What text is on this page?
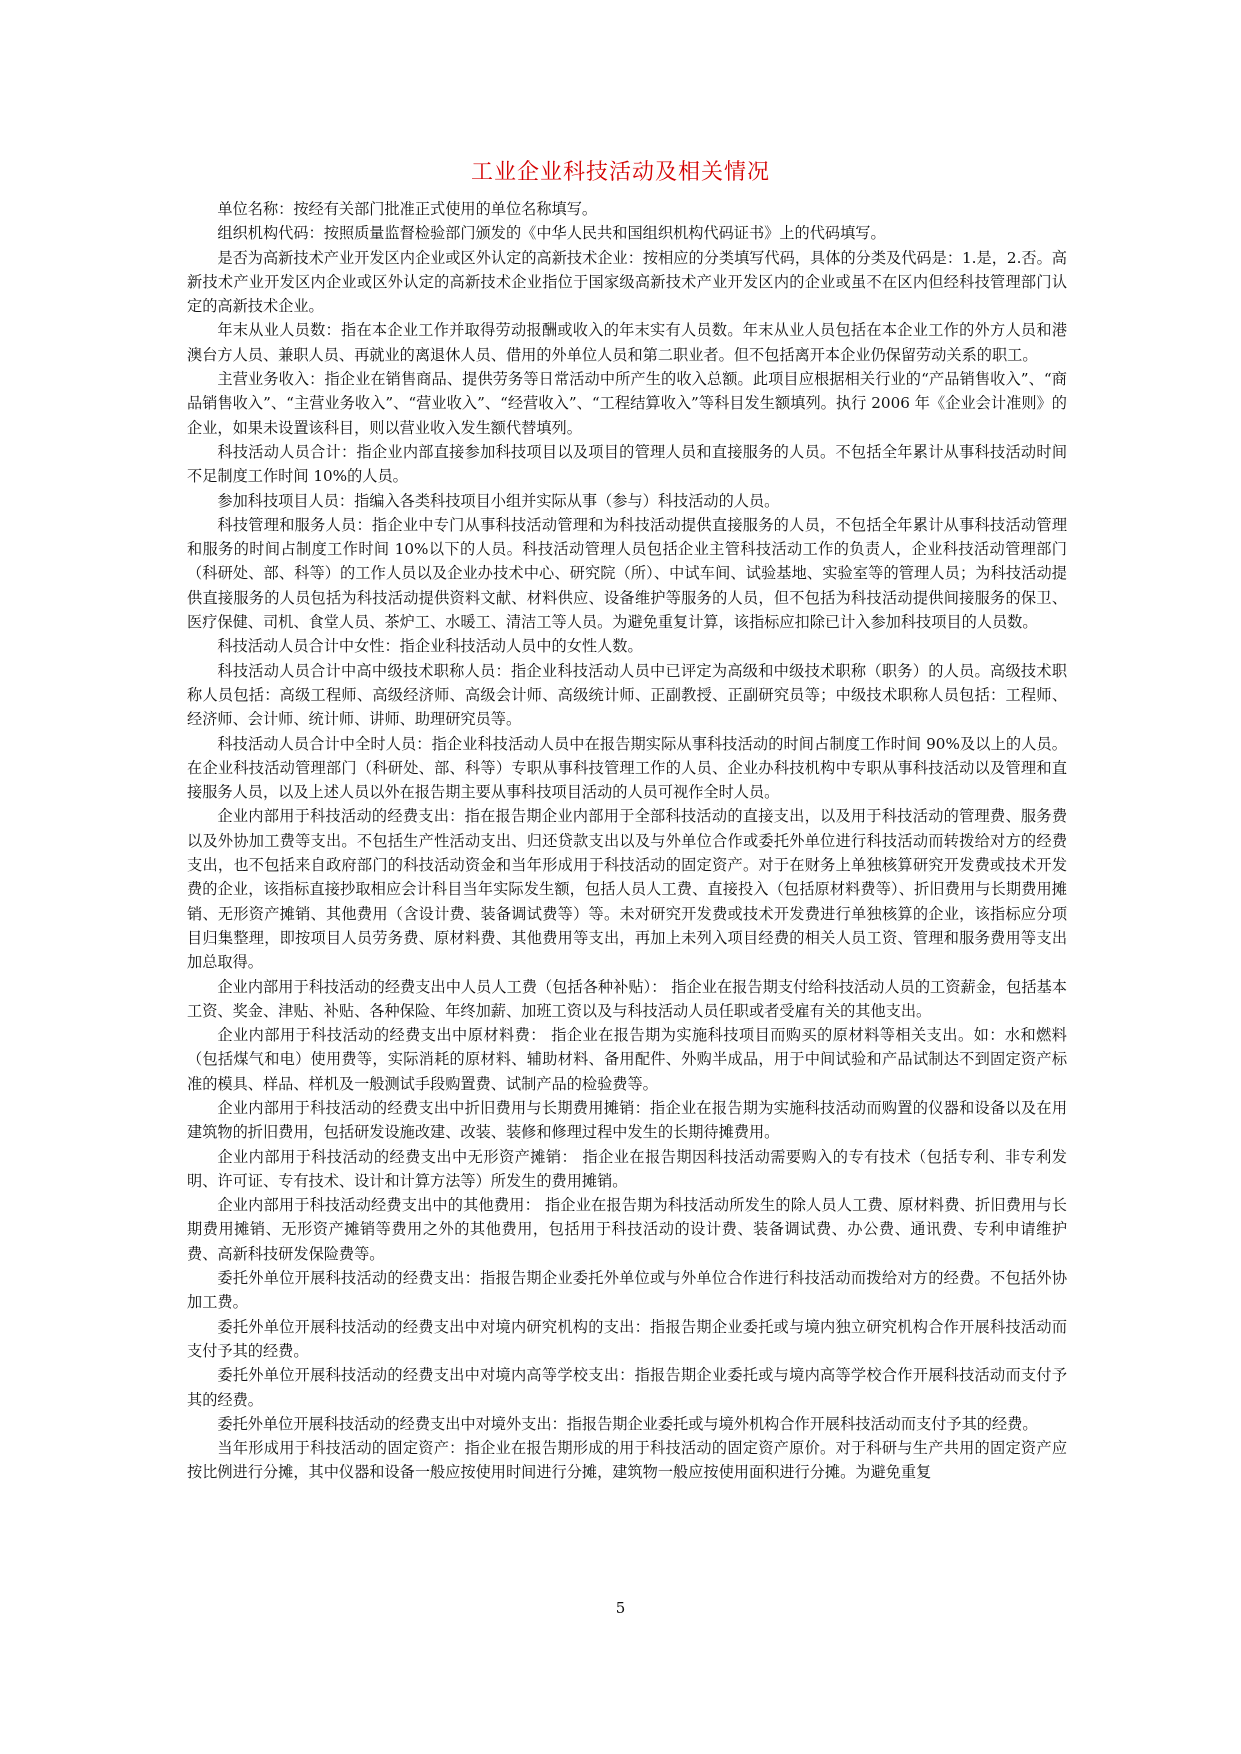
工业企业科技活动及相关情况

单位名称：按经有关部门批准正式使用的单位名称填写。

组织机构代码：按照质量监督检验部门颁发的《中华人民共和国组织机构代码证书》上的代码填写。

是否为高新技术产业开发区内企业或区外认定的高新技术企业：按相应的分类填写代码，具体的分类及代码是：1.是，2.否。高新技术产业开发区内企业或区外认定的高新技术企业指位于国家级高新技术产业开发区内的企业或虽不在区内但经科技管理部门认定的高新技术企业。

年末从业人员数：指在本企业工作并取得劳动报酬或收入的年末实有人员数。年末从业人员包括在本企业工作的外方人员和港澳台方人员、兼职人员、再就业的离退休人员、借用的外单位人员和第二职业者。但不包括离开本企业仍保留劳动关系的职工。

主营业务收入：指企业在销售商品、提供劳务等日常活动中所产生的收入总额。此项目应根据相关行业的“产品销售收入”、“商品销售收入”、“主营业务收入”、“营业收入”、“经营收入”、“工程结算收入”等科目发生额填列。执行 2006 年《企业会计准则》的企业，如果未设置该科目，则以营业收入发生额代替填列。

科技活动人员合计：指企业内部直接参加科技项目以及项目的管理人员和直接服务的人员。不包括全年累计从事科技活动时间不足制度工作时间 10%的人员。

参加科技项目人员：指编入各类科技项目小组并实际从事（参与）科技活动的人员。

科技管理和服务人员：指企业中专门从事科技活动管理和为科技活动提供直接服务的人员，不包括全年累计从事科技活动管理和服务的时间占制度工作时间 10%以下的人员。科技活动管理人员包括企业主管科技活动工作的负责人，企业科技活动管理部门（科研处、部、科等）的工作人员以及企业办技术中心、研究院（所）、中试车间、试验基地、实验室等的管理人员；为科技活动提供直接服务的人员包括为科技活动提供资料文献、材料供应、设备维护等服务的人员，但不包括为科技活动提供间接服务的保卫、医疗保健、司机、食堂人员、茶炉工、水暖工、清洁工等人员。为避免重复计算，该指标应扣除已计入参加科技项目的人员数。

科技活动人员合计中女性：指企业科技活动人员中的女性人数。

科技活动人员合计中高中级技术职称人员：指企业科技活动人员中已评定为高级和中级技术职称（职务）的人员。高级技术职称人员包括：高级工程师、高级经济师、高级会计师、高级统计师、正副教授、正副研究员等；中级技术职称人员包括：工程师、经济师、会计师、统计师、讲师、助理研究员等。

科技活动人员合计中全时人员：指企业科技活动人员中在报告期实际从事科技活动的时间占制度工作时间 90%及以上的人员。在企业科技活动管理部门（科研处、部、科等）专职从事科技管理工作的人员、企业办科技机构中专职从事科技活动以及管理和直接服务人员，以及上述人员以外在报告期主要从事科技项目活动的人员可视作全时人员。

企业内部用于科技活动的经费支出：指在报告期企业内部用于全部科技活动的直接支出，以及用于科技活动的管理费、服务费以及外协加工费等支出。不包括生产性活动支出、归还贷款支出以及与外单位合作或委托外单位进行科技活动而转拨给对方的经费支出，也不包括来自政府部门的科技活动资金和当年形成用于科技活动的固定资产。对于在财务上单独核算研究开发费或技术开发费的企业，该指标直接抄取相应会计科目当年实际发生额，包括人员人工费、直接投入（包括原材料费等）、折旧费用与长期费用摊销、无形资产摊销、其他费用（含设计费、装备调试费等）等。未对研究开发费或技术开发费进行单独核算的企业，该指标应分项目归集整理，即按项目人员劳务费、原材料费、其他费用等支出，再加上未列入项目经费的相关人员工资、管理和服务费用等支出加总取得。

企业内部用于科技活动的经费支出中人员人工费（包括各种补贴）： 指企业在报告期支付给科技活动人员的工资薪金，包括基本工资、奖金、津贴、补贴、各种保险、年终加薪、加班工资以及与科技活动人员任职或者受雇有关的其他支出。

企业内部用于科技活动的经费支出中原材料费： 指企业在报告期为实施科技项目而购买的原材料等相关支出。如：水和燃料（包括煤气和电）使用费等，实际消耗的原材料、辅助材料、备用配件、外购半成品，用于中间试验和产品试制达不到固定资产标准的模具、样品、样机及一般测试手段购置费、试制产品的检验费等。

企业内部用于科技活动的经费支出中折旧费用与长期费用摊销：指企业在报告期为实施科技活动而购置的仪器和设备以及在用建筑物的折旧费用，包括研发设施改建、改装、装修和修理过程中发生的长期待摊费用。

企业内部用于科技活动的经费支出中无形资产摊销： 指企业在报告期因科技活动需要购入的专有技术（包括专利、非专利发明、许可证、专有技术、设计和计算方法等）所发生的费用摊销。

企业内部用于科技活动经费支出中的其他费用： 指企业在报告期为科技活动所发生的除人员人工费、原材料费、折旧费用与长期费用摊销、无形资产摊销等费用之外的其他费用，包括用于科技活动的设计费、装备调试费、办公费、通讯费、专利申请维护费、高新科技研发保险费等。

委托外单位开展科技活动的经费支出：指报告期企业委托外单位或与外单位合作进行科技活动而拨给对方的经费。不包括外协加工费。

委托外单位开展科技活动的经费支出中对境内研究机构的支出：指报告期企业委托或与境内独立研究机构合作开展科技活动而支付予其的经费。

委托外单位开展科技活动的经费支出中对境内高等学校支出：指报告期企业委托或与境内高等学校合作开展科技活动而支付予其的经费。

委托外单位开展科技活动的经费支出中对境外支出：指报告期企业委托或与境外机构合作开展科技活动而支付予其的经费。

当年形成用于科技活动的固定资产：指企业在报告期形成的用于科技活动的固定资产原价。对于科研与生产共用的固定资产应按比例进行分摊，其中仪器和设备一般应按使用时间进行分摊，建筑物一般应按使用面积进行分摊。为避免重复

5
